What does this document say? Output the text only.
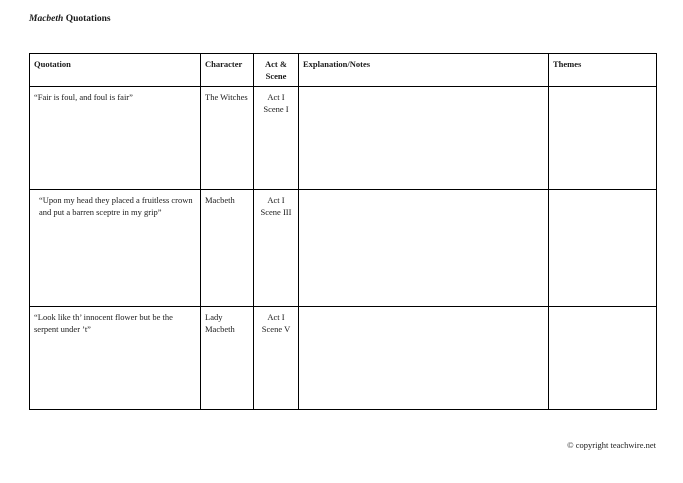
Macbeth Quotations
Quotation	Character	Act & Scene	Explanation/Notes	Themes
“Fair is foul, and foul is fair”	The Witches	Act I Scene I		
“Upon my head they placed a fruitless crown and put a barren sceptre in my grip”	Macbeth	Act I Scene III		
“Look like th’ innocent flower but be the serpent under ’t”	Lady Macbeth	Act I Scene V		
© copyright teachwire.net
